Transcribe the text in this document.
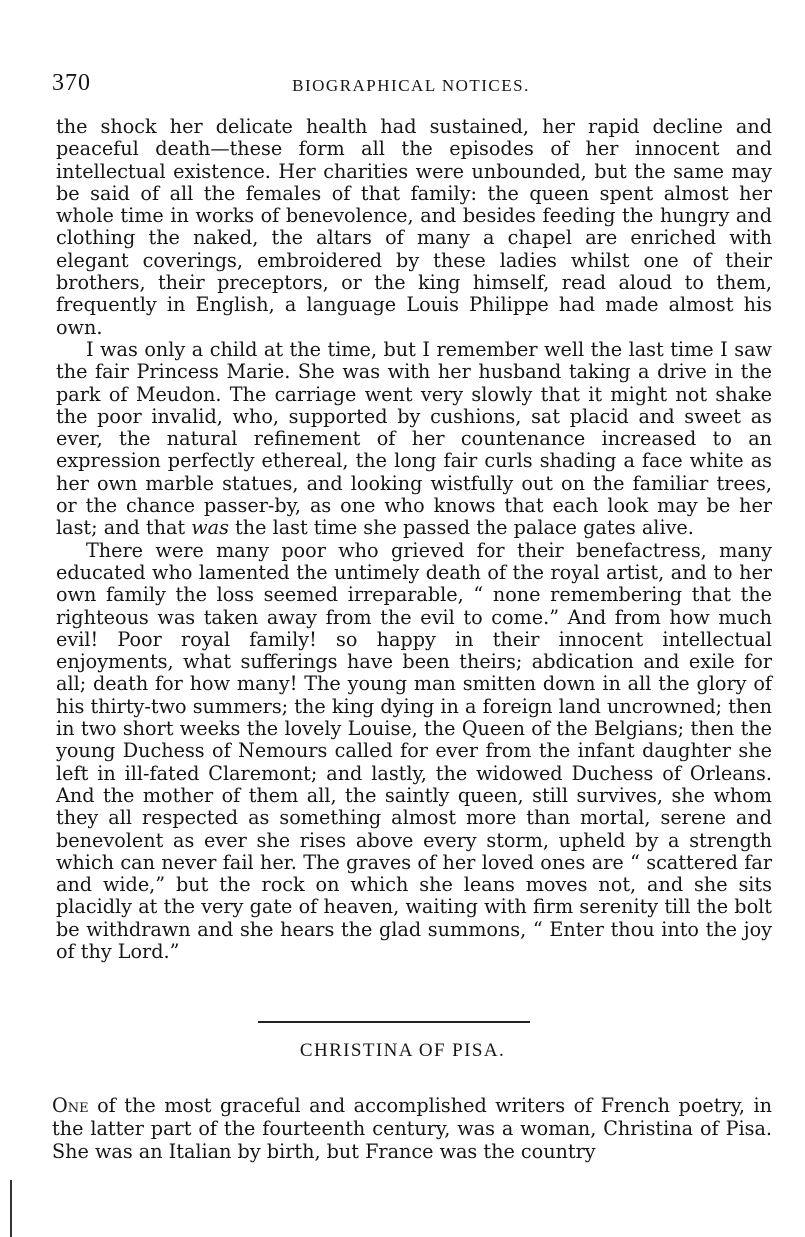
370	BIOGRAPHICAL NOTICES.

the shock her delicate health had sustained, her rapid decline and peaceful death—these form all the episodes of her innocent and intellectual existence. Her charities were unbounded, but the same may be said of all the females of that family: the queen spent almost her whole time in works of benevolence, and besides feeding the hungry and clothing the naked, the altars of many a chapel are enriched with elegant coverings, embroidered by these ladies whilst one of their brothers, their preceptors, or the king himself, read aloud to them, frequently in English, a language Louis Philippe had made almost his own.

I was only a child at the time, but I remember well the last time I saw the fair Princess Marie. She was with her husband taking a drive in the park of Meudon. The carriage went very slowly that it might not shake the poor invalid, who, supported by cushions, sat placid and sweet as ever, the natural refinement of her countenance increased to an expression perfectly ethereal, the long fair curls shading a face white as her own marble statues, and looking wistfully out on the familiar trees, or the chance passer-by, as one who knows that each look may be her last; and that was the last time she passed the palace gates alive.

There were many poor who grieved for their benefactress, many educated who lamented the untimely death of the royal artist, and to her own family the loss seemed irreparable, “ none remembering that the righteous was taken away from the evil to come.” And from how much evil! Poor royal family! so happy in their innocent intellectual enjoyments, what sufferings have been theirs; abdication and exile for all; death for how many! The young man smitten down in all the glory of his thirty-two summers; the king dying in a foreign land uncrowned; then in two short weeks the lovely Louise, the Queen of the Belgians; then the young Duchess of Nemours called for ever from the infant daughter she left in ill-fated Claremont; and lastly, the widowed Duchess of Orleans. And the mother of them all, the saintly queen, still survives, she whom they all respected as something almost more than mortal, serene and benevolent as ever she rises above every storm, upheld by a strength which can never fail her. The graves of her loved ones are “ scattered far and wide,” but the rock on which she leans moves not, and she sits placidly at the very gate of heaven, waiting with firm serenity till the bolt be withdrawn and she hears the glad summons, “ Enter thou into the joy of thy Lord.”

CHRISTINA OF PISA.

One of the most graceful and accomplished writers of French poetry, in the latter part of the fourteenth century, was a woman, Christina of Pisa. She was an Italian by birth, but France was the country
